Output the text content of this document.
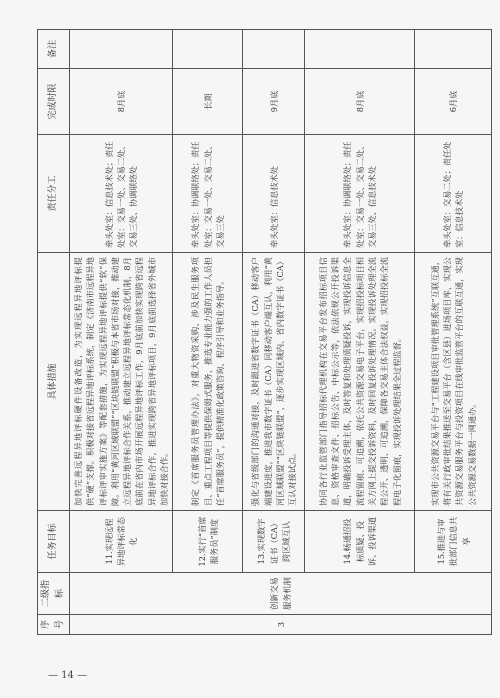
序号	二级指标	任务目标	具体措施	责任分工	完成时限	备注
3	创新交易服务机制	11.实现远程异地评标常态化	加快完善远程异地评标硬件设备改造，为实现远程异地评标提供“硬”支撑。积极对接省远程异地评标系统，制定《济南市远程异地评标评审实施方案》等配套措施，为实现远程异地评标提供“软”保障。利用“黄河区域联盟”“区块链联盟”积极与本省市场对接，推动建立远程异地评标合作关系，推动建立远程异地评标常态化机制，8月底前在省内市场开展远程异地评标工作，9月底前加快实现跨省远程异地评标合作，推进实现跨省异地评标项目，9月底前选择省外城市加快对接合作。	牵头处室：信息技术处；责任处室：交易一处、交易二处、交易三处、协调联络处	8月底	
		12.实行“首席服务员”制度	制定《首席服务员管理办法》，对重大物资采购、涉及民生服务项目、重点工程项目等提供保姆式服务，推选专业能力强的工作人员担任“首席服务员”，提供精准化政策咨询、程序引导和业务指导。	牵头处室：协调联络处；责任处室：交易一处、交易二处、交易三处	长期	
		13.实现数字证书（CA）跨区域互认	强化与省级部门的沟通对接，及时跟进省数字证书（CA）移动客户端建设进度，推进我市数字证书（CA）同移动客户端互认，利用“黄河区域联盟”“区块链联盟”，逐步实现区域内、省内数字证书（CA）互认对接试点。	牵头处室：信息技术处	9月底	
		14.畅通招投标质疑、投诉、投诉渠道	协同各行业监管部门指导招标代理机构在交易平台发布招标项目信息、资格审查文件、招标公告、中标公示等，依法依规公开投诉渠道，明确投诉受理主体，及时答复和处理质疑投诉，实现投诉信息全流程留痕、可追溯，依托公共资源交易电子平台，实现招投标项目相关方网上提交投诉资料，及时回复投诉处理情况。实现投诉处理全流程公开、透明、可追溯，保障各交易主体合法权益，实现招投标全流程电子化留痕，实现投诉处理结果全过程监督。	牵头处室：协调联络处；责任处室：交易一处、交易二处、交易三处、信息技术处	8月底	
		15.推进与审批部门信息共享	实现市公共资源交易平台与“工程建设项目审批管理系统”互联互通，将有关行政审批结果推送至交易平台（含区县）进场项目库，实现公共资源交易服务平台与投资项目在线审批监管平台的互联互通，实现公共资源交易数据一网通办。	牵头处室：交易二处；责任处室：信息技术处	6月底	
— 14 —
